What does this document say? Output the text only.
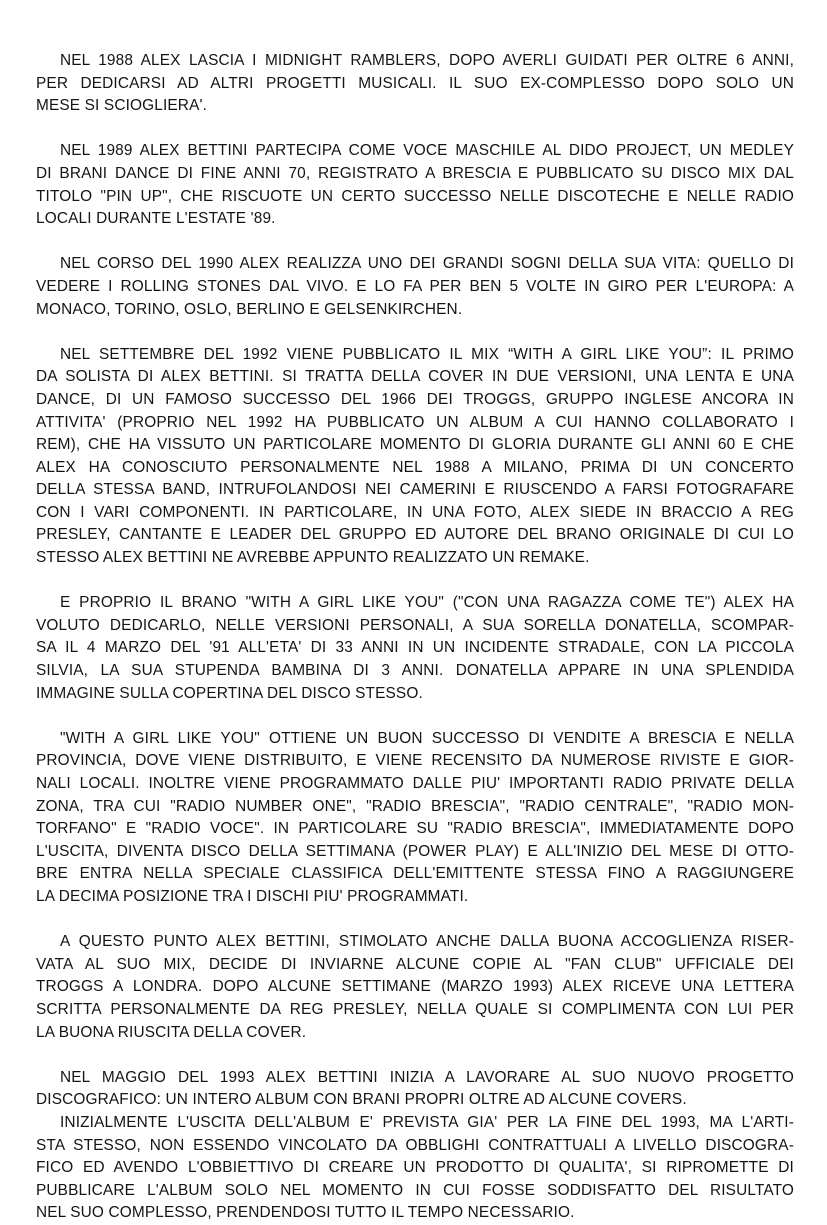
NEL 1988 ALEX LASCIA I MIDNIGHT RAMBLERS, DOPO AVERLI GUIDATI PER OLTRE 6 ANNI,
PER DEDICARSI AD ALTRI PROGETTI MUSICALI. IL SUO EX-COMPLESSO DOPO SOLO UN
MESE SI SCIOGLIERA'.
NEL 1989 ALEX BETTINI PARTECIPA COME VOCE MASCHILE AL DIDO PROJECT, UN MEDLEY
DI BRANI DANCE DI FINE ANNI 70, REGISTRATO A BRESCIA E PUBBLICATO SU DISCO MIX DAL
TITOLO "PIN UP", CHE RISCUOTE UN CERTO SUCCESSO NELLE DISCOTECHE E NELLE RADIO
LOCALI DURANTE L'ESTATE '89.
NEL CORSO DEL 1990 ALEX REALIZZA UNO DEI GRANDI SOGNI DELLA SUA VITA: QUELLO DI
VEDERE I ROLLING STONES DAL VIVO. E LO FA PER BEN 5 VOLTE IN GIRO PER L'EUROPA: A
MONACO, TORINO, OSLO, BERLINO E GELSENKIRCHEN.
NEL SETTEMBRE DEL 1992 VIENE PUBBLICATO IL MIX “WITH A GIRL LIKE YOU”: IL PRIMO
DA SOLISTA DI ALEX BETTINI. SI TRATTA DELLA COVER IN DUE VERSIONI, UNA LENTA E UNA
DANCE, DI UN FAMOSO SUCCESSO DEL 1966 DEI TROGGS, GRUPPO INGLESE ANCORA IN
ATTIVITA' (PROPRIO NEL 1992 HA PUBBLICATO UN ALBUM A CUI HANNO COLLABORATO I
REM), CHE HA VISSUTO UN PARTICOLARE MOMENTO DI GLORIA DURANTE GLI ANNI 60 E CHE
ALEX HA CONOSCIUTO PERSONALMENTE NEL 1988 A MILANO, PRIMA DI UN CONCERTO
DELLA STESSA BAND, INTRUFOLANDOSI NEI CAMERINI E RIUSCENDO A FARSI FOTOGRAFARE
CON I VARI COMPONENTI. IN PARTICOLARE, IN UNA FOTO, ALEX SIEDE IN BRACCIO A REG
PRESLEY, CANTANTE E LEADER DEL GRUPPO ED AUTORE DEL BRANO ORIGINALE DI CUI LO
STESSO ALEX BETTINI NE AVREBBE APPUNTO REALIZZATO UN REMAKE.
E PROPRIO IL BRANO "WITH A GIRL LIKE YOU" ("CON UNA RAGAZZA COME TE") ALEX HA
VOLUTO DEDICARLO, NELLE VERSIONI PERSONALI, A SUA SORELLA DONATELLA, SCOMPAR-
SA IL 4 MARZO DEL '91 ALL'ETA' DI 33 ANNI IN UN INCIDENTE STRADALE, CON LA PICCOLA
SILVIA, LA SUA STUPENDA BAMBINA DI 3 ANNI. DONATELLA APPARE IN UNA SPLENDIDA
IMMAGINE SULLA COPERTINA DEL DISCO STESSO.
"WITH A GIRL LIKE YOU" OTTIENE UN BUON SUCCESSO DI VENDITE A BRESCIA E NELLA
PROVINCIA, DOVE VIENE DISTRIBUITO, E VIENE RECENSITO DA NUMEROSE RIVISTE E GIOR-
NALI LOCALI. INOLTRE VIENE PROGRAMMATO DALLE PIU' IMPORTANTI RADIO PRIVATE DELLA
ZONA, TRA CUI "RADIO NUMBER ONE", "RADIO BRESCIA", "RADIO CENTRALE", "RADIO MON-
TORFANO" E "RADIO VOCE". IN PARTICOLARE SU "RADIO BRESCIA", IMMEDIATAMENTE DOPO
L'USCITA, DIVENTA DISCO DELLA SETTIMANA (POWER PLAY) E ALL'INIZIO DEL MESE DI OTTO-
BRE ENTRA NELLA SPECIALE CLASSIFICA DELL'EMITTENTE STESSA FINO A RAGGIUNGERE
LA DECIMA POSIZIONE TRA I DISCHI PIU' PROGRAMMATI.
A QUESTO PUNTO ALEX BETTINI, STIMOLATO ANCHE DALLA BUONA ACCOGLIENZA RISER-
VATA AL SUO MIX, DECIDE DI INVIARNE ALCUNE COPIE AL "FAN CLUB" UFFICIALE DEI
TROGGS A LONDRA. DOPO ALCUNE SETTIMANE (MARZO 1993) ALEX RICEVE UNA LETTERA
SCRITTA PERSONALMENTE DA REG PRESLEY, NELLA QUALE SI COMPLIMENTA CON LUI PER
LA BUONA RIUSCITA DELLA COVER.
NEL MAGGIO DEL 1993 ALEX BETTINI INIZIA A LAVORARE AL SUO NUOVO PROGETTO
DISCOGRAFICO: UN INTERO ALBUM CON BRANI PROPRI OLTRE AD ALCUNE COVERS.
INIZIALMENTE L'USCITA DELL'ALBUM E' PREVISTA GIA' PER LA FINE DEL 1993, MA L'ARTI-
STA STESSO, NON ESSENDO VINCOLATO DA OBBLIGHI CONTRATTUALI A LIVELLO DISCOGRA-
FICO ED AVENDO L'OBBIETTIVO DI CREARE UN PRODOTTO DI QUALITA', SI RIPROMETTE DI
PUBBLICARE L'ALBUM SOLO NEL MOMENTO IN CUI FOSSE SODDISFATTO DEL RISULTATO
NEL SUO COMPLESSO, PRENDENDOSI TUTTO IL TEMPO NECESSARIO.
